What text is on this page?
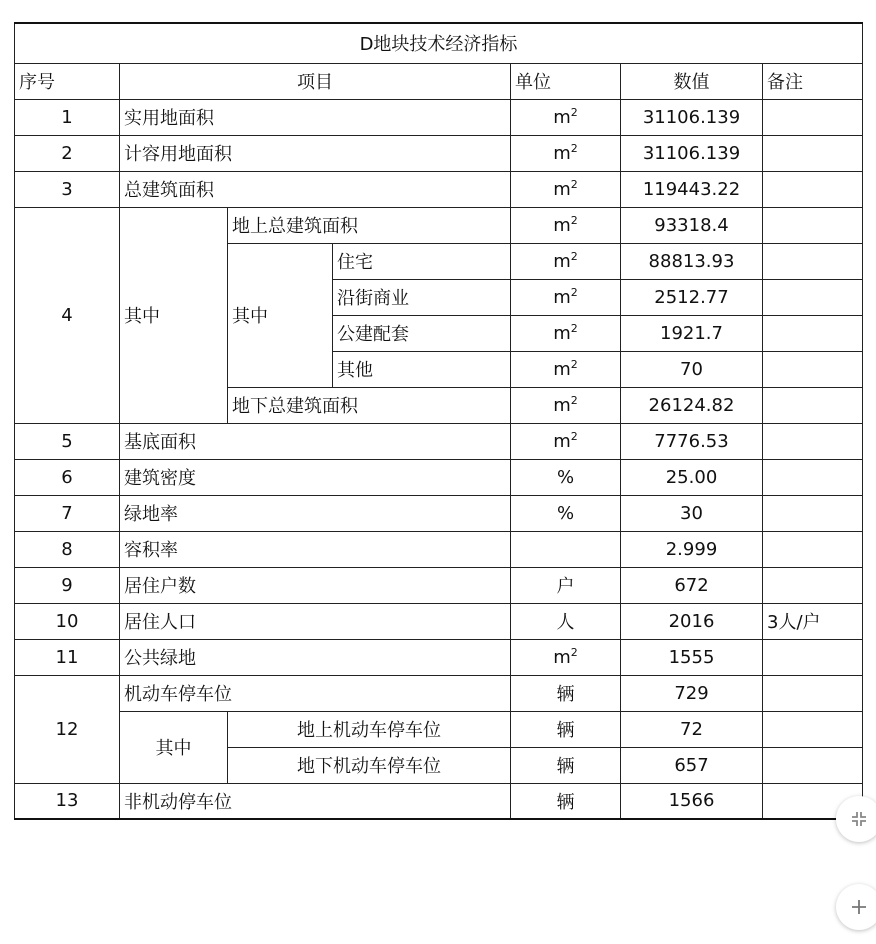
D地块技术经济指标						
序号	项目			单位	数值	备注
1	实用地面积			$m^2$	31106.139	
2	计容用地面积			$m^2$	31106.139	
3	总建筑面积			$m^2$	119443.22	
4	其中	地上总建筑面积		$m^2$	93318.4	
		其中	住宅	$m^2$	88813.93	
			沿街商业	$m^2$	2512.77	
			公建配套	$m^2$	1921.7	
			其他	$m^2$	70	
		地下总建筑面积		$m^2$	26124.82	
5	基底面积			$m^2$	7776.53	
6	建筑密度			%	25.00	
7	绿地率			%	30	
8	容积率				2.999	
9	居住户数			户	672	
10	居住人口			人	2016	3人/户
11	公共绿地			$m^2$	1555	
12	机动车停车位			辆	729	
	其中	地上机动车停车位		辆	72	
		地下机动车停车位		辆	657	
13	非机动停车位			辆	1566	
